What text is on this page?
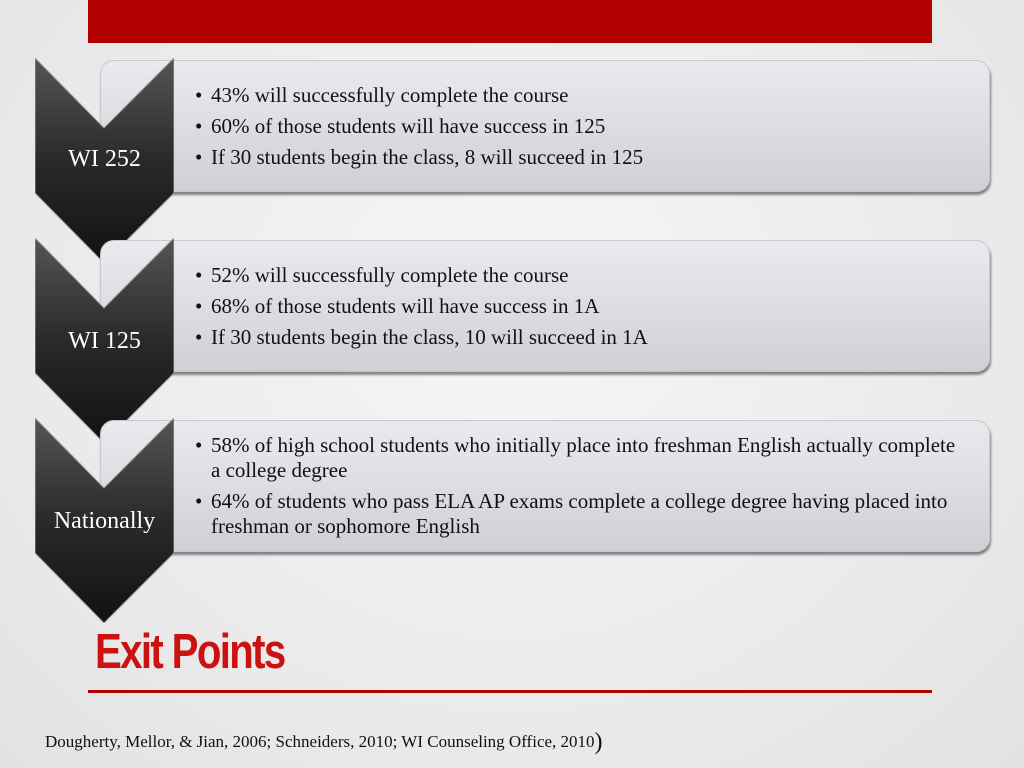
• 43% will successfully complete the course
• 60% of those students will have success in 125
• If 30 students begin the class, 8 will succeed in 125
WI 252
• 52% will successfully complete the course
• 68% of those students will have success in 1A
• If 30 students begin the class, 10 will succeed in 1A
WI 125
• 58% of high school students who initially place into freshman English actually complete a college degree
• 64% of students who pass ELA AP exams complete a college degree having placed into freshman or sophomore English
Nationally
Exit Points
Dougherty, Mellor, & Jian, 2006; Schneiders, 2010; WI Counseling Office, 2010)
